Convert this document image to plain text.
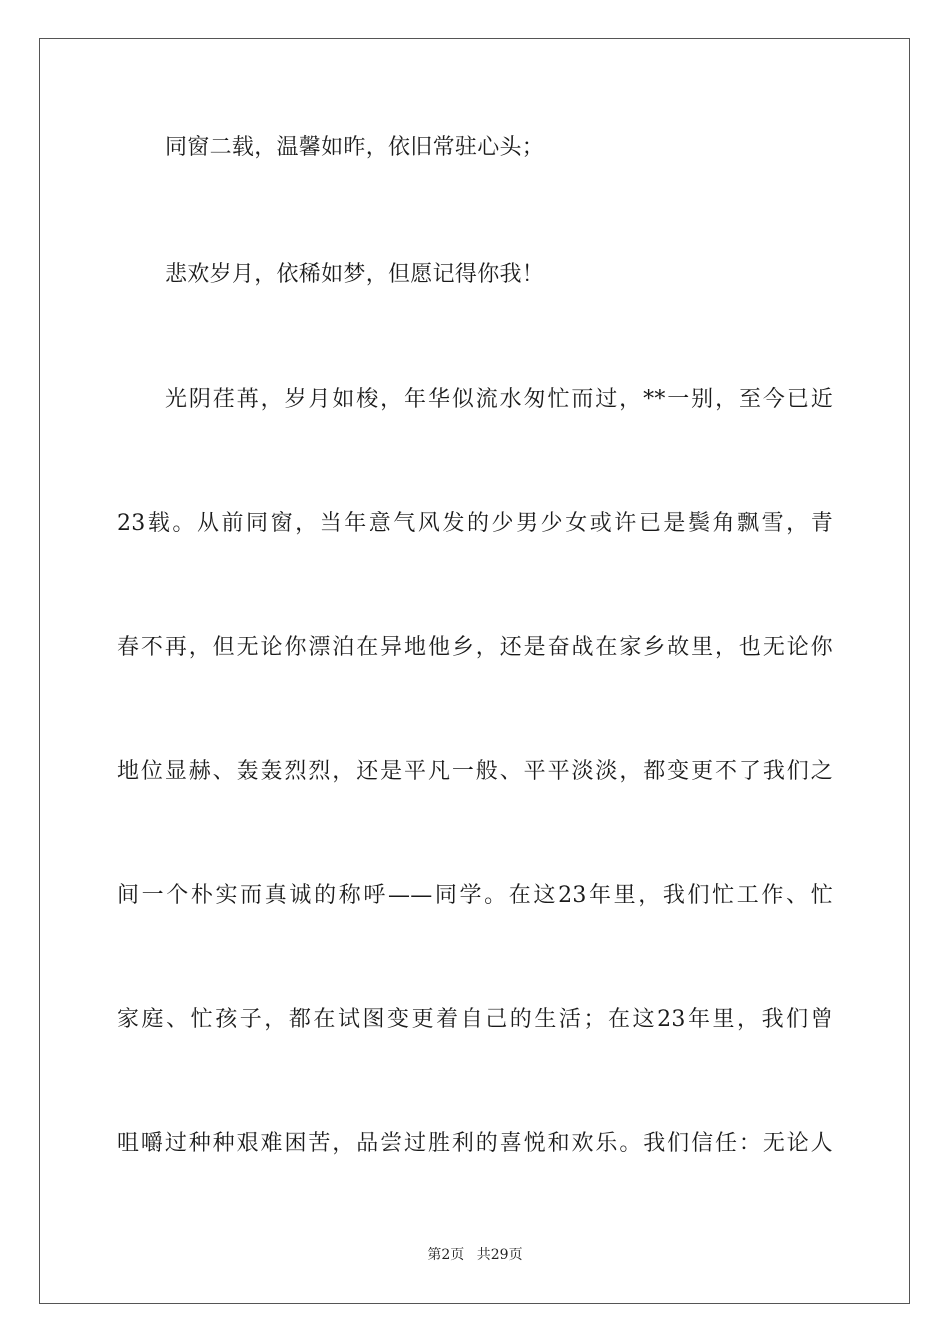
同窗二载，温馨如昨，依旧常驻心头；
悲欢岁月，依稀如梦，但愿记得你我！
光阴荏苒，岁月如梭，年华似流水匆忙而过，**一别，至今已近
23载。从前同窗，当年意气风发的少男少女或许已是鬓角飘雪，青
春不再，但无论你漂泊在异地他乡，还是奋战在家乡故里，也无论你
地位显赫、轰轰烈烈，还是平凡一般、平平淡淡，都变更不了我们之
间一个朴实而真诚的称呼——同学。在这23年里，我们忙工作、忙
家庭、忙孩子，都在试图变更着自己的生活；在这23年里，我们曾
咀嚼过种种艰难困苦，品尝过胜利的喜悦和欢乐。我们信任：无论人
第2页 共29页
